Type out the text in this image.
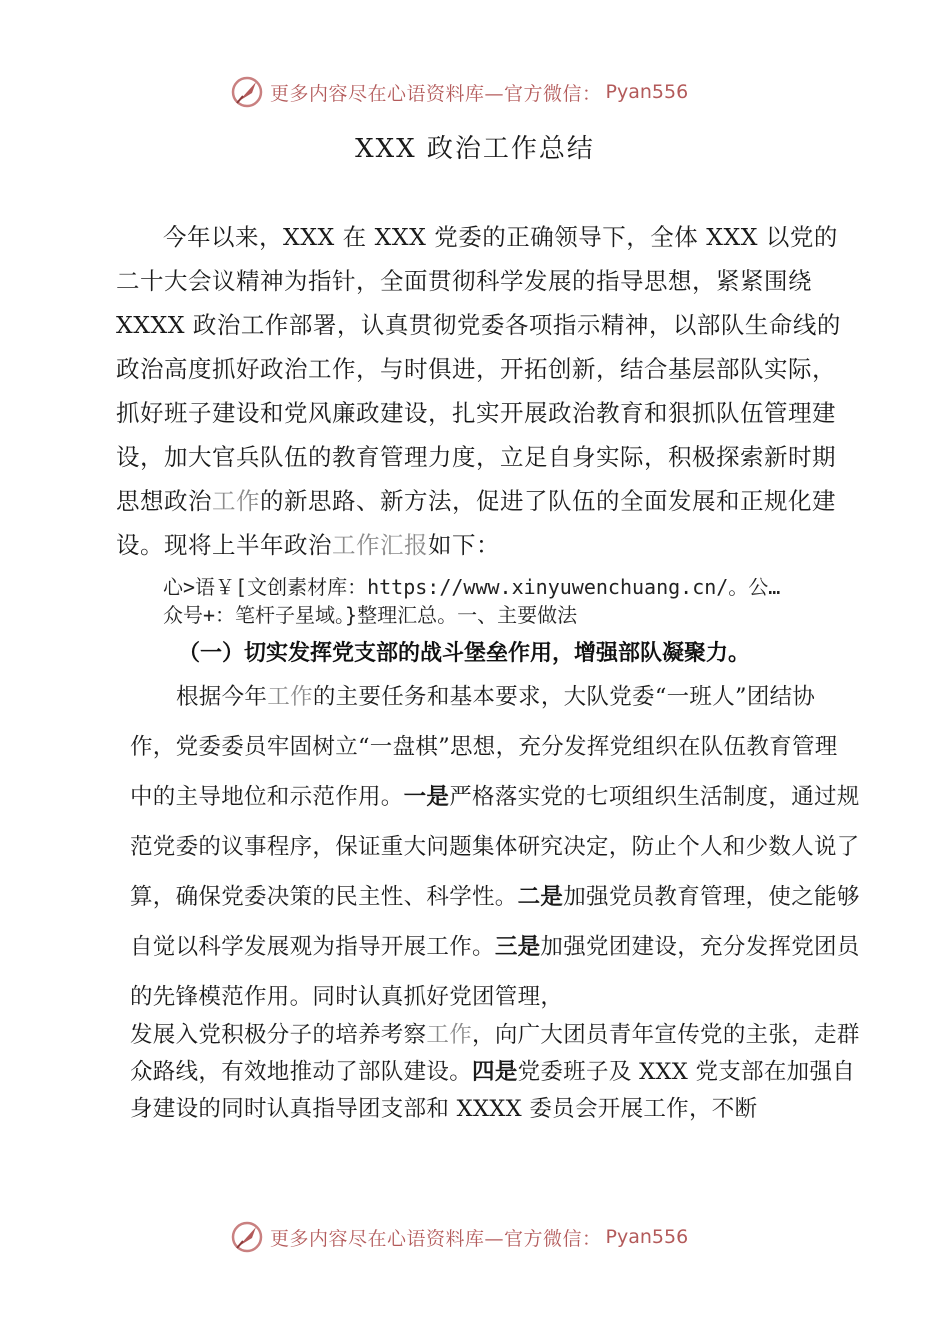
更多内容尽在心语资料库—官方微信： Pyan556
XXX 政治工作总结
今年以来，XXX 在 XXX 党委的正确领导下，全体 XXX 以党的二十大会议精神为指针，全面贯彻科学发展的指导思想，紧紧围绕 XXXX 政治工作部署，认真贯彻党委各项指示精神，以部队生命线的政治高度抓好政治工作，与时俱进，开拓创新，结合基层部队实际，抓好班子建设和党风廉政建设，扎实开展政治教育和狠抓队伍管理建设，加大官兵队伍的教育管理力度，立足自身实际，积极探索新时期思想政治工作的新思路、新方法，促进了队伍的全面发展和正规化建设。现将上半年政治工作汇报如下：
心>语￥[文创素材库：https://www.xinyuwenchuang.cn/。公…
众号+：笔杆子星域。}整理汇总。一、主要做法
（一）切实发挥党支部的战斗堡垒作用，增强部队凝聚力。
根据今年工作的主要任务和基本要求，大队党委“一班人”团结协作，党委委员牢固树立“一盘棋”思想，充分发挥党组织在队伍教育管理中的主导地位和示范作用。一是严格落实党的七项组织生活制度，通过规范党委的议事程序，保证重大问题集体研究决定，防止个人和少数人说了算，确保党委决策的民主性、科学性。二是加强党员教育管理，使之能够自觉以科学发展观为指导开展工作。三是加强党团建设，充分发挥党团员的先锋模范作用。同时认真抓好党团管理，
发展入党积极分子的培养考察工作，向广大团员青年宣传党的主张，走群众路线，有效地推动了部队建设。四是党委班子及 XXX 党支部在加强自身建设的同时认真指导团支部和 XXXX 委员会开展工作，不断
更多内容尽在心语资料库—官方微信： Pyan556
